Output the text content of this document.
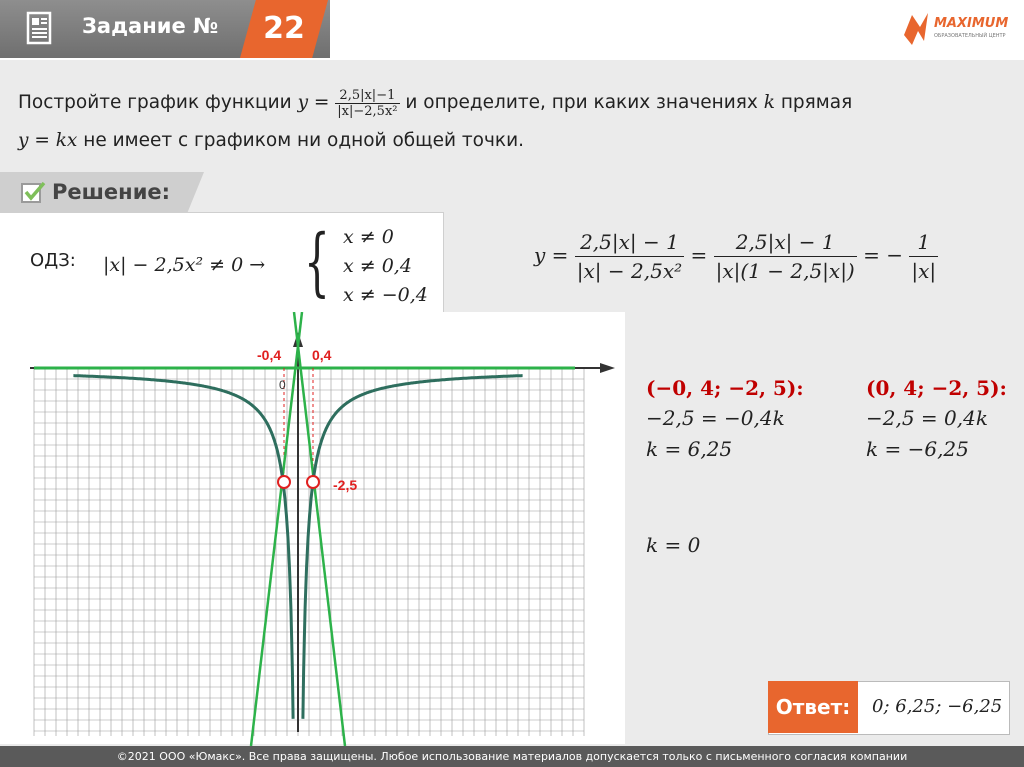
Задание №	22	MAXIMUM
ОБРАЗОВАТЕЛЬНЫЙ ЦЕНТР
Постройте график функции $y = \frac{2,5|x|-1}{\text{|x|−2,5x²}}$ и определите, при каких значениях k прямая
y = kx не имеет с графиком ни одной общей точки.
Решение:
ОДЗ: |x| − 2,5x² ≠ 0 → { x ≠ 0
x ≠ 0,4
x ≠ −0,4
$y = \frac{2,5|x| - 1}{\text{|x| − 2,5x²}} = \frac{2,5|x| - 1}{|x|(1 - 2,5|x|)}$ = − $\frac{1}{|x|}$
-0,4 0,4
0
-2,5
(−0, 4; −2, 5):
−2,5 = −0,4k
k = 6,25
(0, 4; −2, 5):
−2,5 = 0,4k
k = −6,25
k = 0
Ответ:	0; 6,25; −6,25
©2021 ООО «Юмакс». Все права защищены. Любое использование материалов допускается только с письменного согласия компании
